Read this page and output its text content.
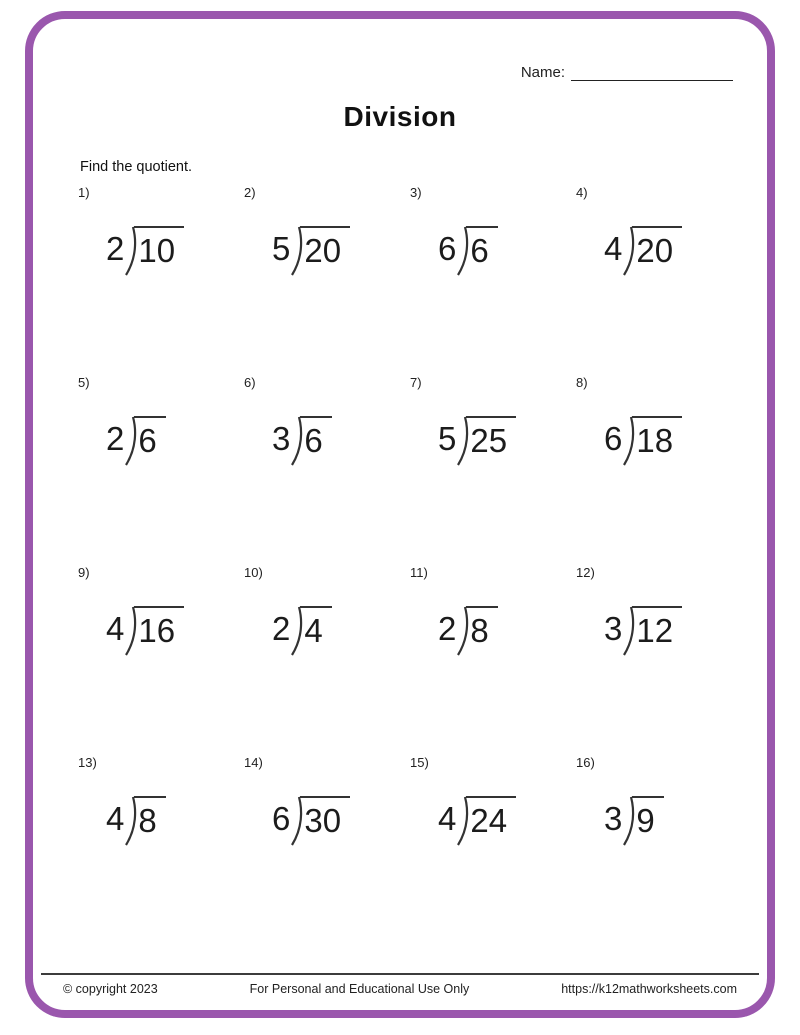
Name:
Division
Find the quotient.
1)
2 10
2)
5 20
3)
6 6
4)
4 20
5)
2 6
6)
3 6
7)
5 25
8)
6 18
9)
4 16
10)
2 4
11)
2 8
12)
3 12
13)
4 8
14)
6 30
15)
4 24
16)
3 9
© copyright 2023	For Personal and Educational Use Only	https://k12mathworksheets.com
